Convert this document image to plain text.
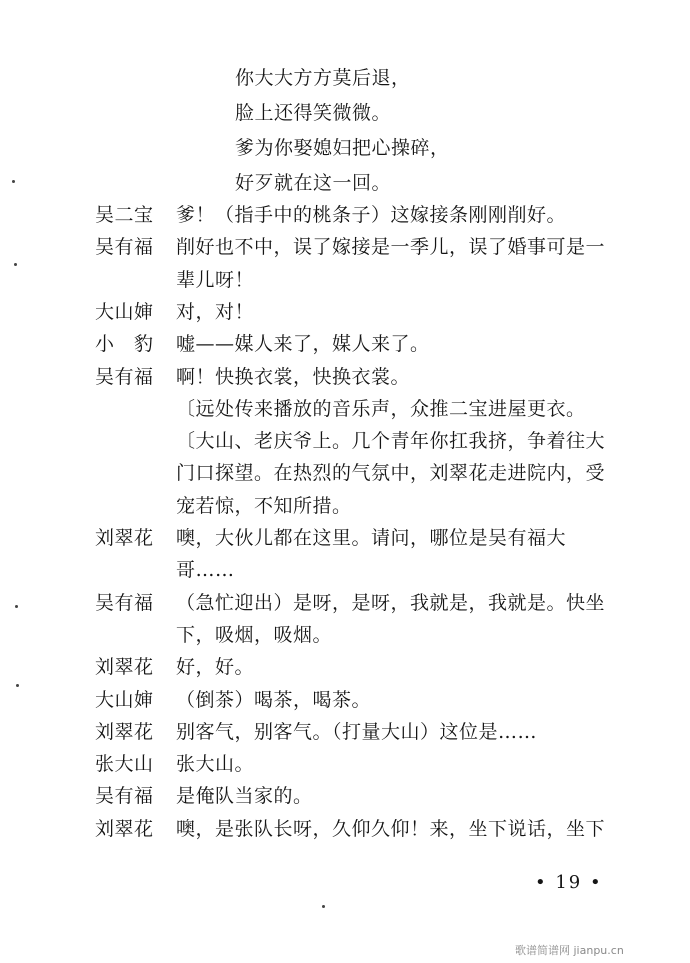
你大大方方莫后退，
脸上还得笑微微。
爹为你娶媳妇把心操碎，
好歹就在这一回。
吴二宝 爹！（指手中的桃条子）这嫁接条刚刚削好。
吴有福 削好也不中，误了嫁接是一季儿，误了婚事可是一
辈儿呀！
大山婶 对，对！
小　豹 嘘——媒人来了，媒人来了。
吴有福 啊！快换衣裳，快换衣裳。
〔远处传来播放的音乐声，众推二宝进屋更衣。
〔大山、老庆爷上。几个青年你扛我挤，争着往大
门口探望。在热烈的气氛中，刘翠花走进院内，受
宠若惊，不知所措。
刘翠花 噢，大伙儿都在这里。请问，哪位是吴有福大
哥……
吴有福 （急忙迎出）是呀，是呀，我就是，我就是。快坐
下，吸烟，吸烟。
刘翠花 好，好。
大山婶 （倒茶）喝茶，喝茶。
刘翠花 别客气，别客气。（打量大山）这位是……
张大山 张大山。
吴有福 是俺队当家的。
刘翠花 噢，是张队长呀，久仰久仰！来，坐下说话，坐下
• 19 •
歌谱简谱网 jianpu.cn
